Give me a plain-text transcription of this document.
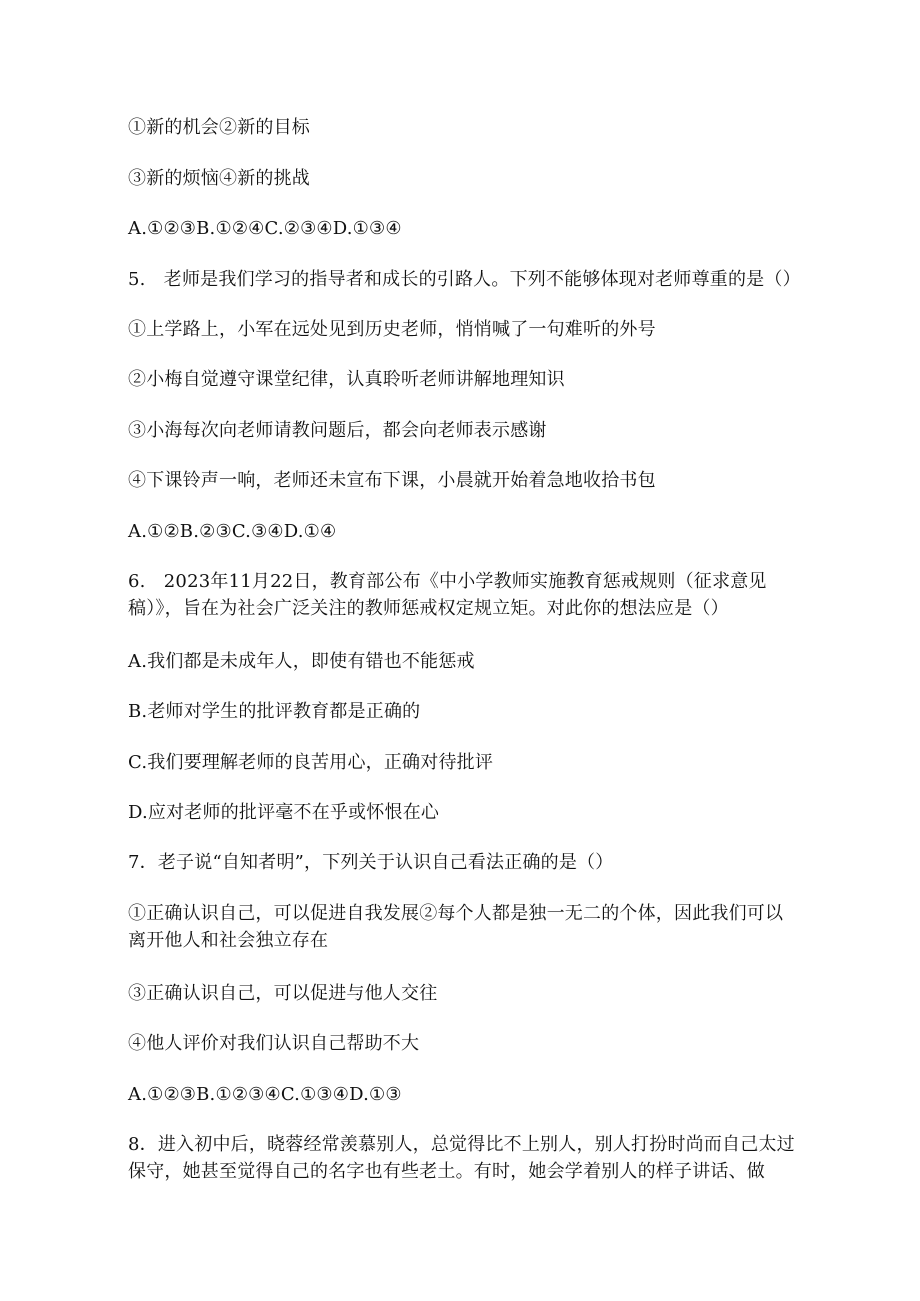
①新的机会②新的目标
③新的烦恼④新的挑战
A.①②③B.①②④C.②③④D.①③④
5.　老师是我们学习的指导者和成长的引路人。下列不能够体现对老师尊重的是（）
①上学路上，小军在远处见到历史老师，悄悄喊了一句难听的外号
②小梅自觉遵守课堂纪律，认真聆听老师讲解地理知识
③小海每次向老师请教问题后，都会向老师表示感谢
④下课铃声一响，老师还未宣布下课，小晨就开始着急地收拾书包
A.①②B.②③C.③④D.①④
6.　2023年11月22日，教育部公布《中小学教师实施教育惩戒规则（征求意见稿）》，旨在为社会广泛关注的教师惩戒权定规立矩。对此你的想法应是（）
A.我们都是未成年人，即使有错也不能惩戒
B.老师对学生的批评教育都是正确的
C.我们要理解老师的良苦用心，正确对待批评
D.应对老师的批评毫不在乎或怀恨在心
7．老子说“自知者明”，下列关于认识自己看法正确的是（）
①正确认识自己，可以促进自我发展②每个人都是独一无二的个体，因此我们可以离开他人和社会独立存在
③正确认识自己，可以促进与他人交往
④他人评价对我们认识自己帮助不大
A.①②③B.①②③④C.①③④D.①③
8．进入初中后，晓蓉经常羡慕别人，总觉得比不上别人，别人打扮时尚而自己太过保守，她甚至觉得自己的名字也有些老土。有时，她会学着别人的样子讲话、做
